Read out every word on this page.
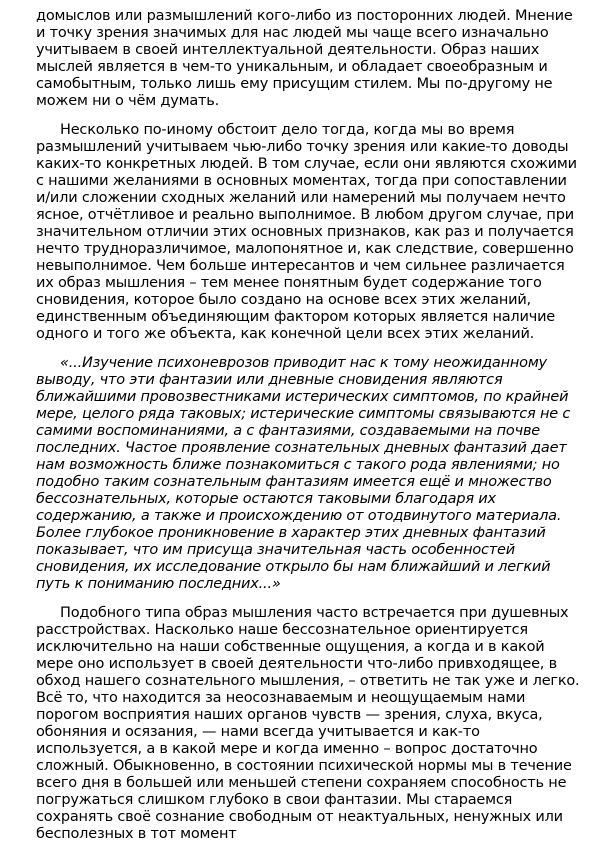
домыслов или размышлений кого-либо из посторонних людей. Мнение и точку зрения значимых для нас людей мы чаще всего изначально учитываем в своей интеллектуальной деятельности. Образ наших мыслей является в чем-то уникальным, и обладает своеобразным и самобытным, только лишь ему присущим стилем. Мы по-другому не можем ни о чём думать.

Несколько по-иному обстоит дело тогда, когда мы во время размышлений учитываем чью-либо точку зрения или какие-то доводы каких-то конкретных людей. В том случае, если они являются схожими с нашими желаниями в основных моментах, тогда при сопоставлении и/или сложении сходных желаний или намерений мы получаем нечто ясное, отчётливое и реально выполнимое. В любом другом случае, при значительном отличии этих основных признаков, как раз и получается нечто трудноразличимое, малопонятное и, как следствие, совершенно невыполнимое. Чем больше интересантов и чем сильнее различается их образ мышления – тем менее понятным будет содержание того сновидения, которое было создано на основе всех этих желаний, единственным объединяющим фактором которых является наличие одного и того же объекта, как конечной цели всех этих желаний.

«...Изучение психоневрозов приводит нас к тому неожиданному выводу, что эти фантазии или дневные сновидения являются ближайшими провозвестниками истерических симптомов, по крайней мере, целого ряда таковых; истерические симптомы связываются не с самими воспоминаниями, а с фантазиями, создаваемыми на почве последних. Частое проявление сознательных дневных фантазий дает нам возможность ближе познакомиться с такого рода явлениями; но подобно таким сознательным фантазиям имеется ещё и множество бессознательных, которые остаются таковыми благодаря их содержанию, а также и происхождению от отодвинутого материала. Более глубокое проникновение в характер этих дневных фантазий показывает, что им присуща значительная часть особенностей сновидения, их исследование открыло бы нам ближайший и легкий путь к пониманию последних...»

Подобного типа образ мышления часто встречается при душевных расстройствах. Насколько наше бессознательное ориентируется исключительно на наши собственные ощущения, а когда и в какой мере оно использует в своей деятельности что-либо привходящее, в обход нашего сознательного мышления, – ответить не так уже и легко. Всё то, что находится за неосознаваемым и неощущаемым нами порогом восприятия наших органов чувств — зрения, слуха, вкуса, обоняния и осязания, — нами всегда учитывается и как-то используется, а в какой мере и когда именно – вопрос достаточно сложный. Обыкновенно, в состоянии психической нормы мы в течение всего дня в большей или меньшей степени сохраняем способность не погружаться слишком глубоко в свои фантазии. Мы стараемся сохранять своё сознание свободным от неактуальных, ненужных или бесполезных в тот момент
